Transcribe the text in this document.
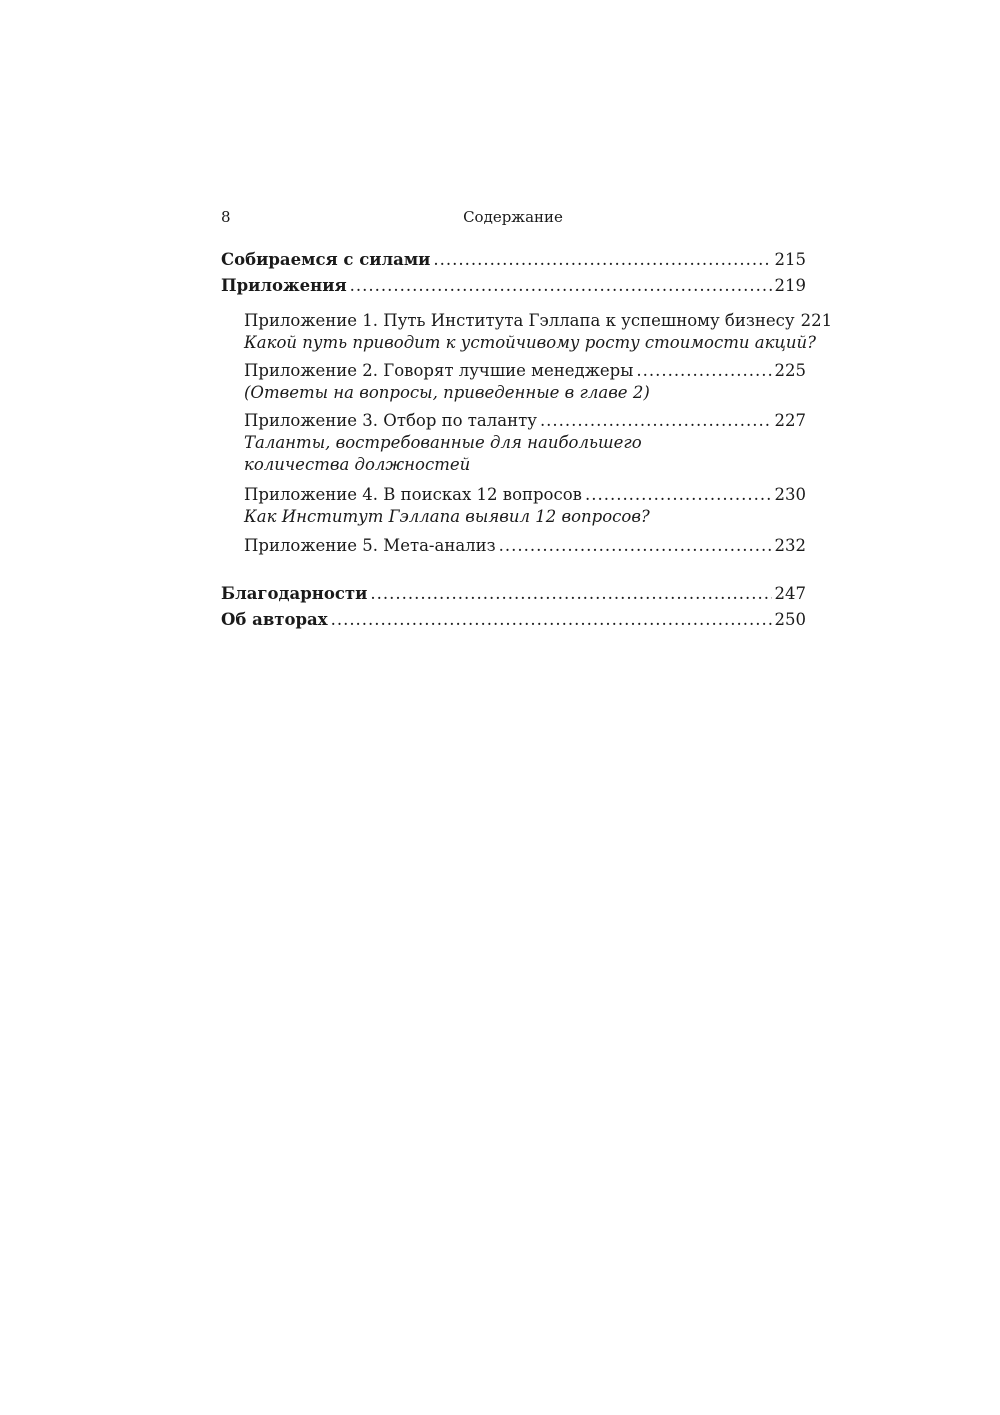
8	Содержание
Собираемся с силами .....	215
Приложения .....	219
Приложение 1. Путь Института Гэллапа к успешному бизнесу 221
Какой путь приводит к устойчивому росту стоимости акций?
Приложение 2. Говорят лучшие менеджеры .....	225
(Ответы на вопросы, приведенные в главе 2)
Приложение 3. Отбор по таланту .....	227
Таланты, востребованные для наибольшего
количества должностей
Приложение 4. В поисках 12 вопросов .....	230
Как Институт Гэллапа выявил 12 вопросов?
Приложение 5. Мета-анализ .....	232
Благодарности .....	247
Об авторах .....	250
